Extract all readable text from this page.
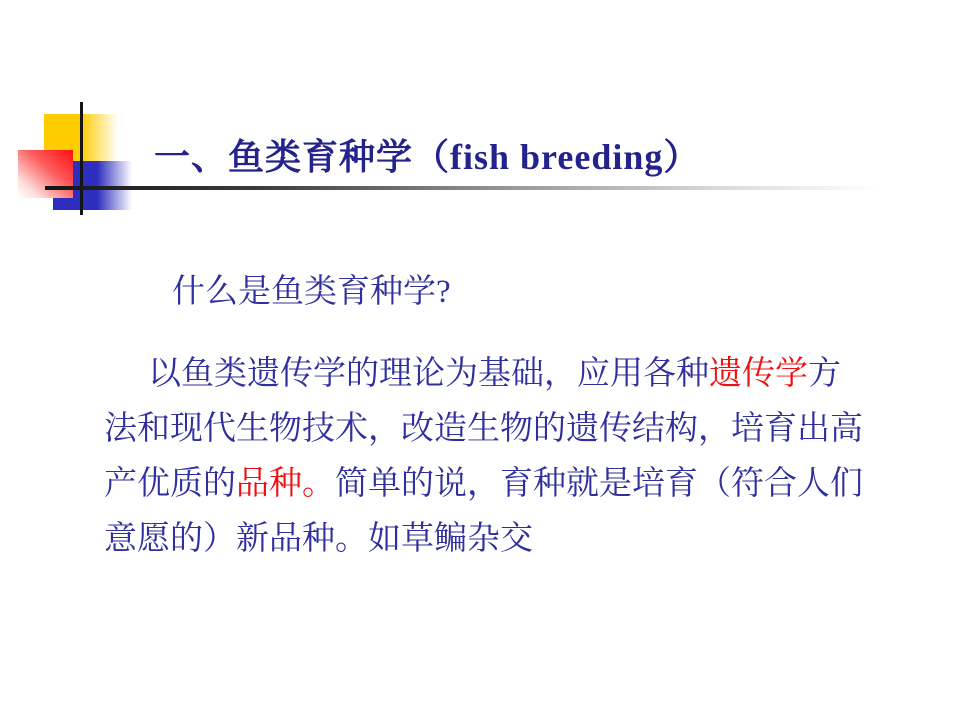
一、鱼类育种学（fish breeding）
什么是鱼类育种学?
以鱼类遗传学的理论为基础，应用各种遗传学方
法和现代生物技术，改造生物的遗传结构，培育出高
产优质的品种。简单的说，育种就是培育（符合人们
意愿的）新品种。如草鳊杂交
